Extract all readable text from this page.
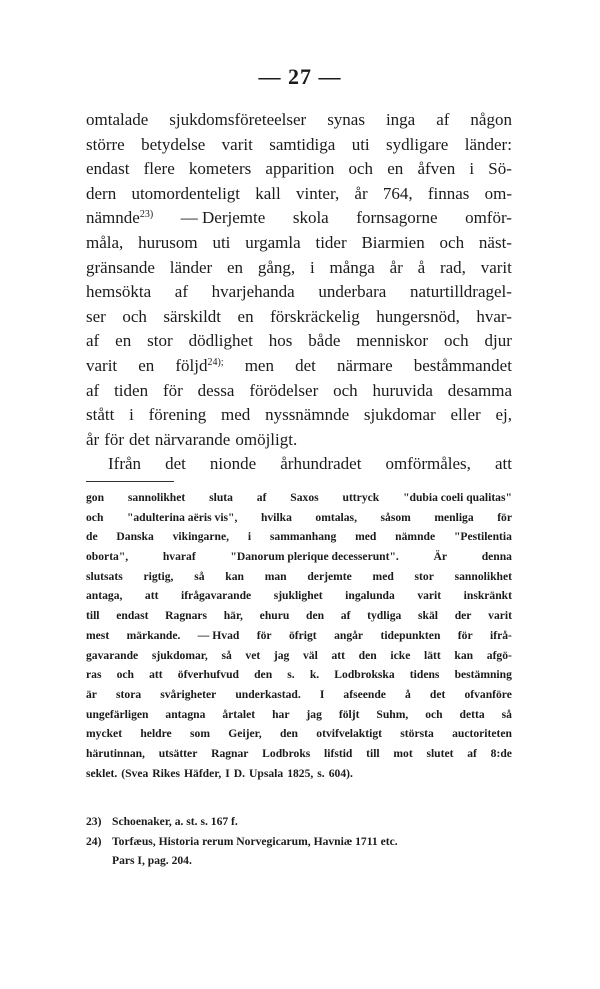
— 27 —
omtalade sjukdomsföreteelser synas inga af någon
större betydelse varit samtidiga uti sydligare länder:
endast flere kometers apparition och en åfven i Sö-
dern utomordenteligt kall vinter, år 764, finnas om-
nämnde$^{23)}$ — Derjemte skola fornsagorne omför-
måla, hurusom uti urgamla tider Biarmien och näst-
gränsande länder en gång, i många år å rad, varit
hemsökta af hvarjehanda underbara naturtilldragel-
ser och särskildt en förskräckelig hungersnöd, hvar-
af en stor dödlighet hos både menniskor och djur
varit en följd$^{24);}$ men det närmare beståmmandet
af tiden för dessa förödelser och huruvida desamma
stått i förening med nyssnämnde sjukdomar eller ej,
år för det närvarande omöjligt.
Ifrån det nionde århundradet omförmåles, att
gon sannolikhet sluta af Saxos uttryck "dubia coeli qualitas"
och "adulterina aëris vis", hvilka omtalas, såsom menliga för
de Danska vikingarne, i sammanhang med nämnde "Pestilentia
oborta",	hvaraf	"Danorum plerique decesserunt".	Är	denna
slutsats rigtig, så kan man derjemte med stor sannolikhet
antaga, att ifrågavarande sjuklighet ingalunda varit inskränkt
till endast Ragnars här, ehuru den af tydliga skäl der varit
mest märkande. — Hvad för öfrigt angår tidepunkten för ifrå-
gavarande sjukdomar, så vet jag väl att den icke lätt kan afgö-
ras och att öfverhufvud den s. k. Lodbrokska tidens bestämning
är stora svårigheter underkastad. I afseende å det ofvanföre
ungefärligen antagna årtalet har jag följt Suhm, och detta så
mycket heldre som Geijer, den otvifvelaktigt största auctoriteten
härutinnan, utsätter Ragnar Lodbroks lifstid till mot slutet af 8:de
seklet. (Svea Rikes Häfder, I D. Upsala 1825, s. 604).
23) Schoenaker, a. st. s. 167 f.
24) Torfæus, Historia rerum Norvegicarum, Havniæ 1711 etc.
Pars I, pag. 204.
